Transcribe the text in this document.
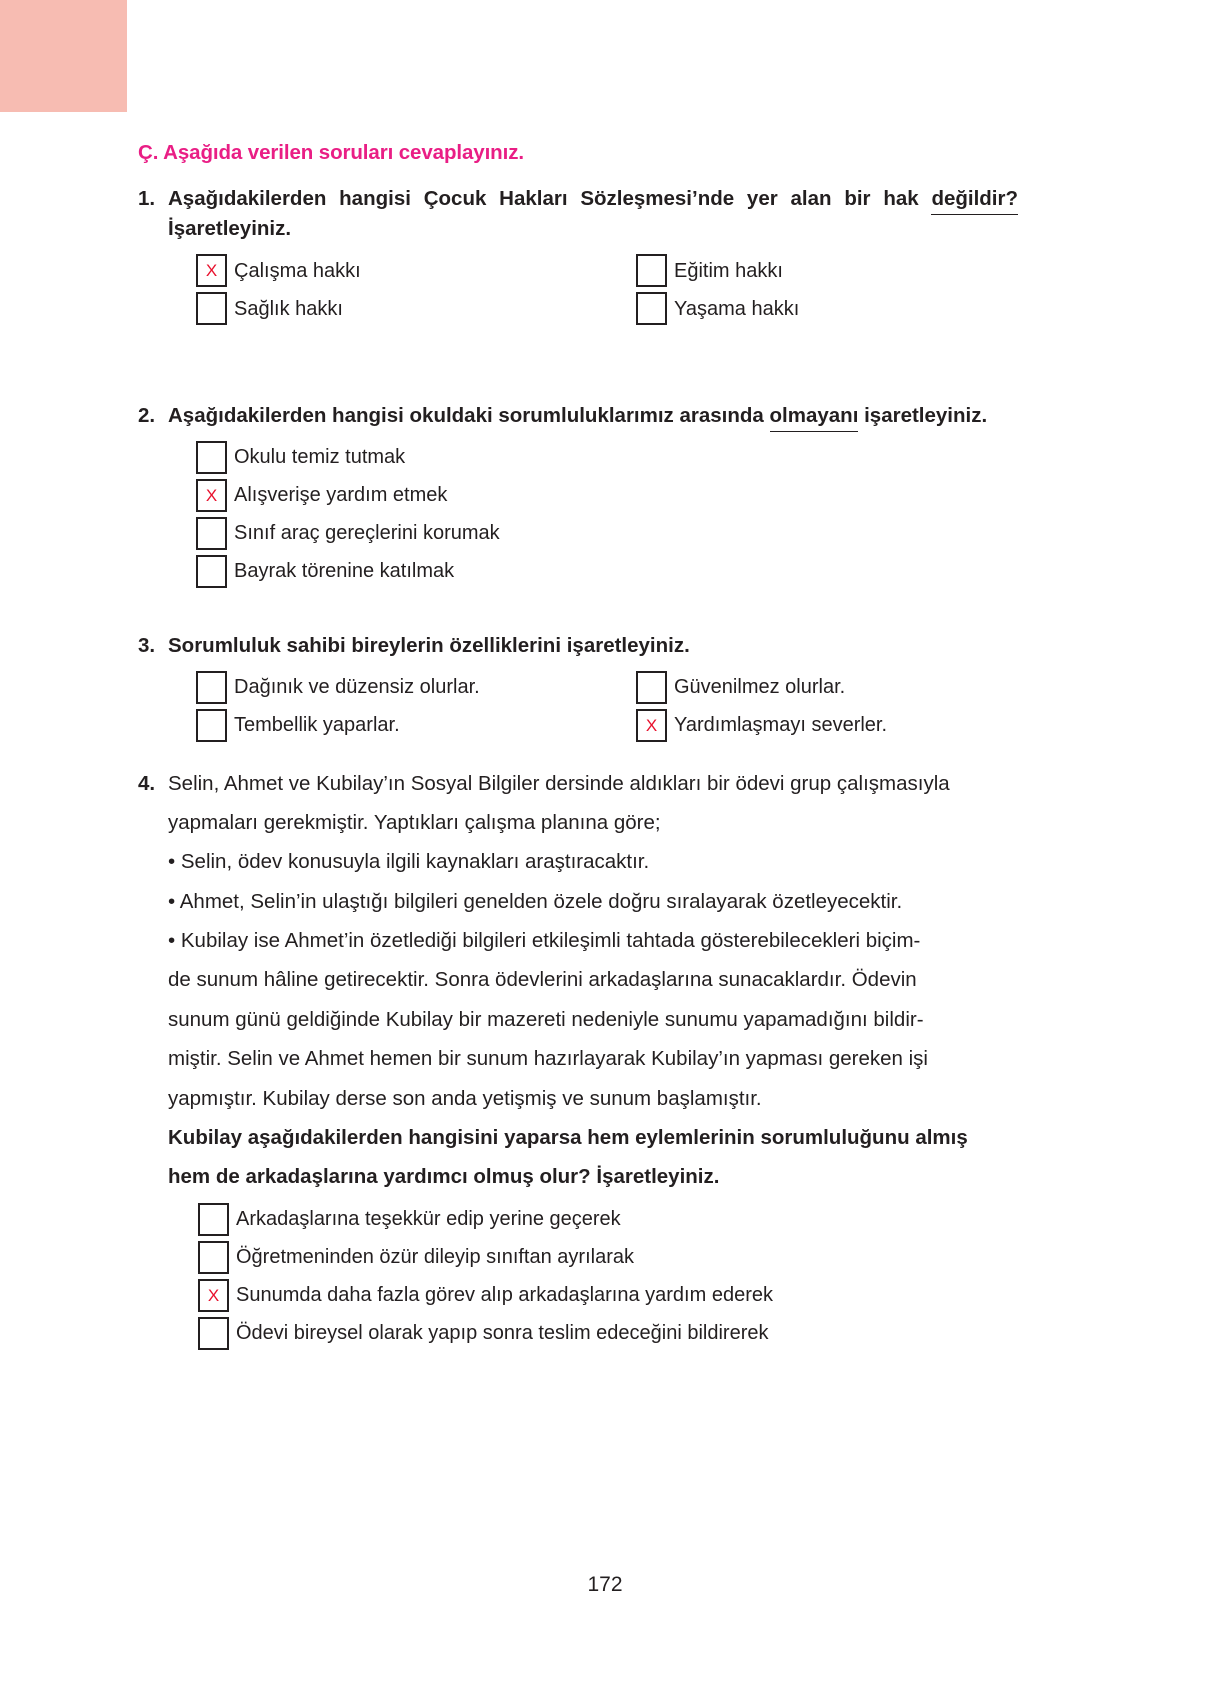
Ç. Aşağıda verilen soruları cevaplayınız.
1. Aşağıdakilerden hangisi Çocuk Hakları Sözleşmesi’nde yer alan bir hak değildir? İşaretleyiniz.

X Çalışma hakkı	Eğitim hakkı
Sağlık hakkı	Yaşama hakkı
2. Aşağıdakilerden hangisi okuldaki sorumluluklarımız arasında olmayanı işaretleyiniz.

Okulu temiz tutmak
X Alışverişe yardım etmek
Sınıf araç gereçlerini korumak
Bayrak törenine katılmak
3. Sorumluluk sahibi bireylerin özelliklerini işaretleyiniz.

Dağınık ve düzensiz olurlar.	Güvenilmez olurlar.
Tembellik yaparlar.	X Yardımlaşmayı severler.
4. Selin, Ahmet ve Kubilay’ın Sosyal Bilgiler dersinde aldıkları bir ödevi grup çalışmasıyla

yapmaları gerekmiştir. Yaptıkları çalışma planına göre;

• Selin, ödev konusuyla ilgili kaynakları araştıracaktır.

• Ahmet, Selin’in ulaştığı bilgileri genelden özele doğru sıralayarak özetleyecektir.

• Kubilay ise Ahmet’in özetlediği bilgileri etkileşimli tahtada gösterebilecekleri biçim-

de sunum hâline getirecektir. Sonra ödevlerini arkadaşlarına sunacaklardır. Ödevin

sunum günü geldiğinde Kubilay bir mazereti nedeniyle sunumu yapamadığını bildir-

miştir. Selin ve Ahmet hemen bir sunum hazırlayarak Kubilay’ın yapması gereken işi

yapmıştır. Kubilay derse son anda yetişmiş ve sunum başlamıştır.

Kubilay aşağıdakilerden hangisini yaparsa hem eylemlerinin sorumluluğunu almış

hem de arkadaşlarına yardımcı olmuş olur? İşaretleyiniz.

Arkadaşlarına teşekkür edip yerine geçerek
Öğretmeninden özür dileyip sınıftan ayrılarak
X Sunumda daha fazla görev alıp arkadaşlarına yardım ederek
Ödevi bireysel olarak yapıp sonra teslim edeceğini bildirerek
172
